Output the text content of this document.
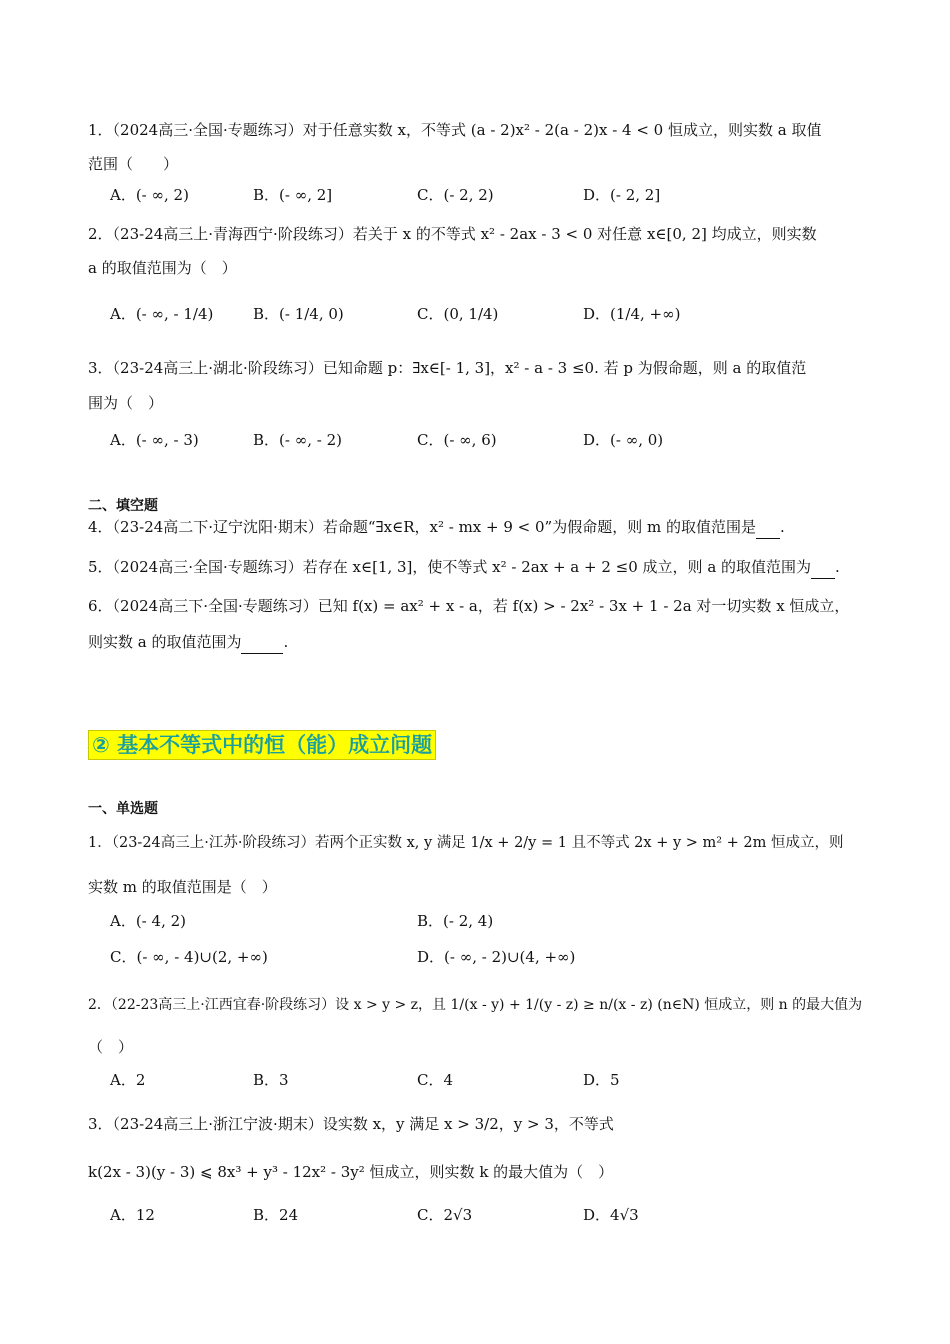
1．（2024高三·全国·专题练习）对于任意实数 x，不等式 (a - 2)x² - 2(a - 2)x - 4 < 0 恒成立，则实数 a 取值
范围（　　）
A．(- ∞, 2)	B．(- ∞, 2]	C．(- 2, 2)	D．(- 2, 2]
2．（23-24高三上·青海西宁·阶段练习）若关于 x 的不等式 x² - 2ax - 3 < 0 对任意 x∈[0, 2] 均成立，则实数
a 的取值范围为（　）
A．(- ∞, - 1/4)	B．(- 1/4, 0)	C．(0, 1/4)	D．(1/4, +∞)
3．（23-24高三上·湖北·阶段练习）已知命题 p：∃x∈[- 1, 3]，x² - a - 3 ≤0. 若 p 为假命题，则 a 的取值范
围为（　）
A．(- ∞, - 3)	B．(- ∞, - 2)	C．(- ∞, 6)	D．(- ∞, 0)
二、填空题
4．（23-24高二下·辽宁沈阳·期末）若命题“∃x∈R，x² - mx + 9 < 0”为假命题，则 m 的取值范围是 .
5．（2024高三·全国·专题练习）若存在 x∈[1, 3]，使不等式 x² - 2ax + a + 2 ≤0 成立，则 a 的取值范围为 .
6．（2024高三下·全国·专题练习）已知 f(x) = ax² + x - a，若 f(x) > - 2x² - 3x + 1 - 2a 对一切实数 x 恒成立，
则实数 a 的取值范围为	.
② 基本不等式中的恒（能）成立问题
一、单选题
1．（23-24高三上·江苏·阶段练习）若两个正实数 x, y 满足 1/x + 2/y = 1 且不等式 2x + y > m² + 2m 恒成立，则
实数 m 的取值范围是（　）
A．(- 4, 2)	B．(- 2, 4)
C．(- ∞, - 4)∪(2, +∞)	D．(- ∞, - 2)∪(4, +∞)
2．（22-23高三上·江西宜春·阶段练习）设 x > y > z，且 1/(x - y) + 1/(y - z) ≥ n/(x - z) (n∈N) 恒成立，则 n 的最大值为
（　）
A．2	B．3	C．4	D．5
3．（23-24高三上·浙江宁波·期末）设实数 x，y 满足 x > 3/2，y > 3，不等式
k(2x - 3)(y - 3) ⩽ 8x³ + y³ - 12x² - 3y² 恒成立，则实数 k 的最大值为（　）
A．12	B．24	C．2√3	D．4√3
